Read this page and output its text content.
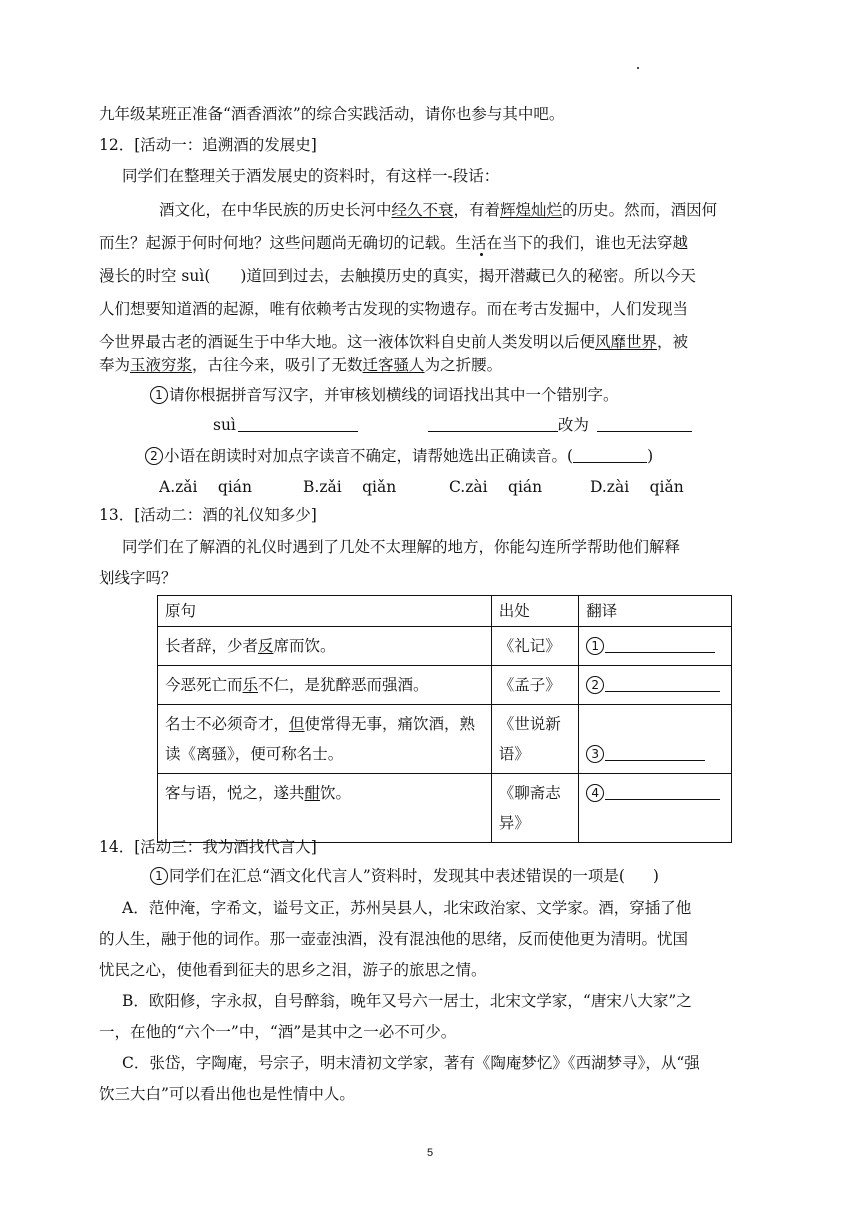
九年级某班正准备“酒香酒浓”的综合实践活动，请你也参与其中吧。
12．[活动一：追溯酒的发展史]
同学们在整理关于酒发展史的资料时，有这样一-段话：
酒文化，在中华民族的历史长河中经久不衰，有着辉煌灿烂的历史。然而，酒因何
而生？起源于何时何地？这些问题尚无确切的记载。生活在当下的我们，谁也无法穿越
漫长的时空 suì( )道回到过去，去触摸历史的真实，揭开潜藏已久的秘密。所以今天
人们想要知道酒的起源，唯有依赖考古发现的实物遗存。而在考古发掘中，人们发现当
今世界最古老的酒诞生于中华大地。这一液体饮料自史前人类发明以后便风靡世界，被
奉为玉液穷浆，古往今来，吸引了无数迁客骚人为之折腰。
1 请你根据拼音写汉字，并审核划横线的词语找出其中一个错别字。
suì	改为
2 小语在朗读时对加点字读音不确定，请帮她选出正确读音。(	)
A.zǎi　 qián	B.zǎi　 qiǎn	C.zài　 qián	D.zài　 qiǎn
13．[活动二：酒的礼仪知多少]
同学们在了解酒的礼仪时遇到了几处不太理解的地方，你能勾连所学帮助他们解释
划线字吗？
原句	出处	翻译
长者辞，少者反席而饮。	《礼记》	1
今恶死亡而乐不仁，是犹醉恶而强酒。	《孟子》	2
名士不必须奇才，但使常得无事，痛饮酒，熟
读《离骚》，便可称名士。	《世说新
语》	3
客与语，悦之，遂共酣饮。	《聊斋志
异》	4
14．[活动三：我为酒找代言人]
1 同学们在汇总“酒文化代言人”资料时，发现其中表述错误的一项是( )
A．范仲淹，字希文，谥号文正，苏州吴县人，北宋政治家、文学家。酒，穿插了他
的人生，融于他的词作。那一壶壶浊酒，没有混浊他的思绪，反而使他更为清明。忧国
忧民之心，使他看到征夫的思乡之泪，游子的旅思之情。
B．欧阳修，字永叔，自号醉翁，晚年又号六一居士，北宋文学家，“唐宋八大家”之
一，在他的“六个一”中，“酒”是其中之一必不可少。
C．张岱，字陶庵，号宗子，明末清初文学家，著有《陶庵梦忆》《西湖梦寻》，从“强
饮三大白”可以看出他也是性情中人。
5
